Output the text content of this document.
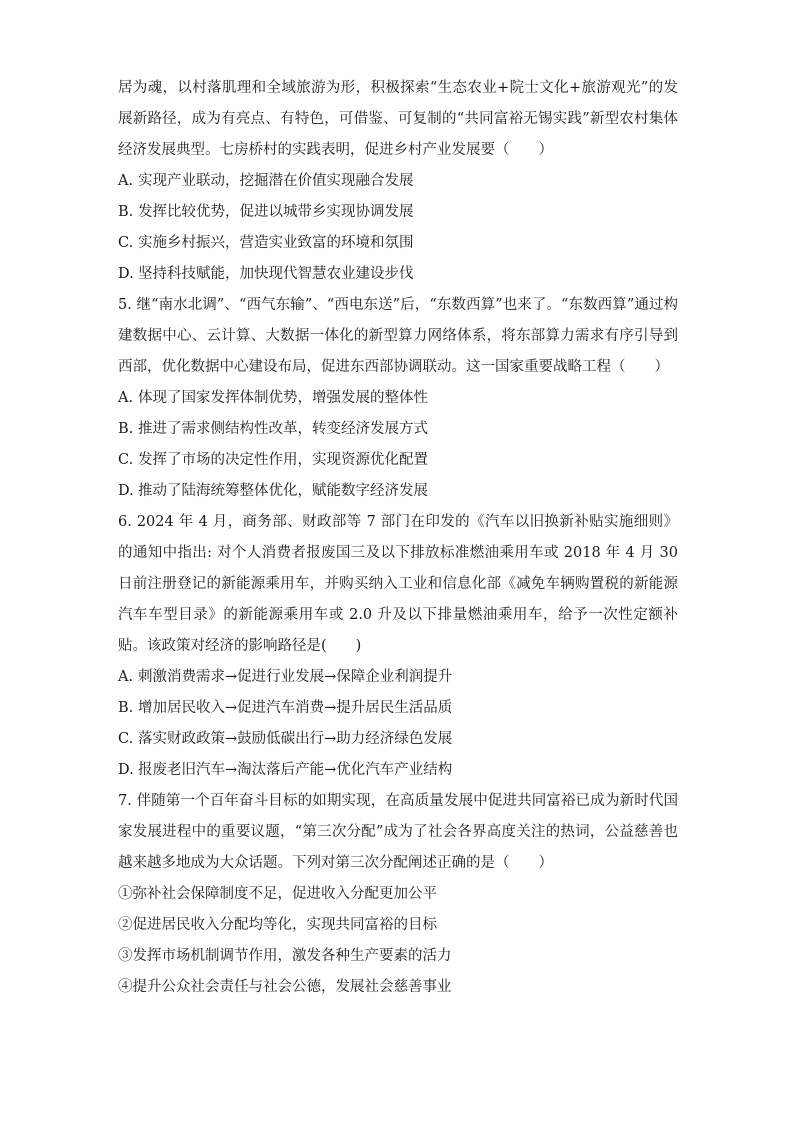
居为魂，以村落肌理和全域旅游为形，积极探索“生态农业+院士文化+旅游观光”的发展新路径，成为有亮点、有特色，可借鉴、可复制的“共同富裕无锡实践”新型农村集体经济发展典型。七房桥村的实践表明，促进乡村产业发展要（　　）

A. 实现产业联动，挖掘潜在价值实现融合发展

B. 发挥比较优势，促进以城带乡实现协调发展

C. 实施乡村振兴，营造实业致富的环境和氛围

D. 坚持科技赋能，加快现代智慧农业建设步伐

5. 继“南水北调”、“西气东输”、“西电东送”后，“东数西算”也来了。“东数西算”通过构建数据中心、云计算、大数据一体化的新型算力网络体系，将东部算力需求有序引导到西部，优化数据中心建设布局，促进东西部协调联动。这一国家重要战略工程（　　）

A. 体现了国家发挥体制优势，增强发展的整体性

B. 推进了需求侧结构性改革，转变经济发展方式

C. 发挥了市场的决定性作用，实现资源优化配置

D. 推动了陆海统筹整体优化，赋能数字经济发展

6. 2024 年 4 月，商务部、财政部等 7 部门在印发的《汽车以旧换新补贴实施细则》的通知中指出: 对个人消费者报废国三及以下排放标准燃油乘用车或 2018 年 4 月 30 日前注册登记的新能源乘用车，并购买纳入工业和信息化部《减免车辆购置税的新能源汽车车型目录》的新能源乘用车或 2.0 升及以下排量燃油乘用车，给予一次性定额补贴。该政策对经济的影响路径是(　　)

A. 刺激消费需求→促进行业发展→保障企业利润提升

B. 增加居民收入→促进汽车消费→提升居民生活品质

C. 落实财政政策→鼓励低碳出行→助力经济绿色发展

D. 报废老旧汽车→淘汰落后产能→优化汽车产业结构

7. 伴随第一个百年奋斗目标的如期实现，在高质量发展中促进共同富裕已成为新时代国家发展进程中的重要议题，“第三次分配”成为了社会各界高度关注的热词，公益慈善也越来越多地成为大众话题。下列对第三次分配阐述正确的是（　　）

①弥补社会保障制度不足，促进收入分配更加公平

②促进居民收入分配均等化，实现共同富裕的目标

③发挥市场机制调节作用，激发各种生产要素的活力

④提升公众社会责任与社会公德，发展社会慈善事业
